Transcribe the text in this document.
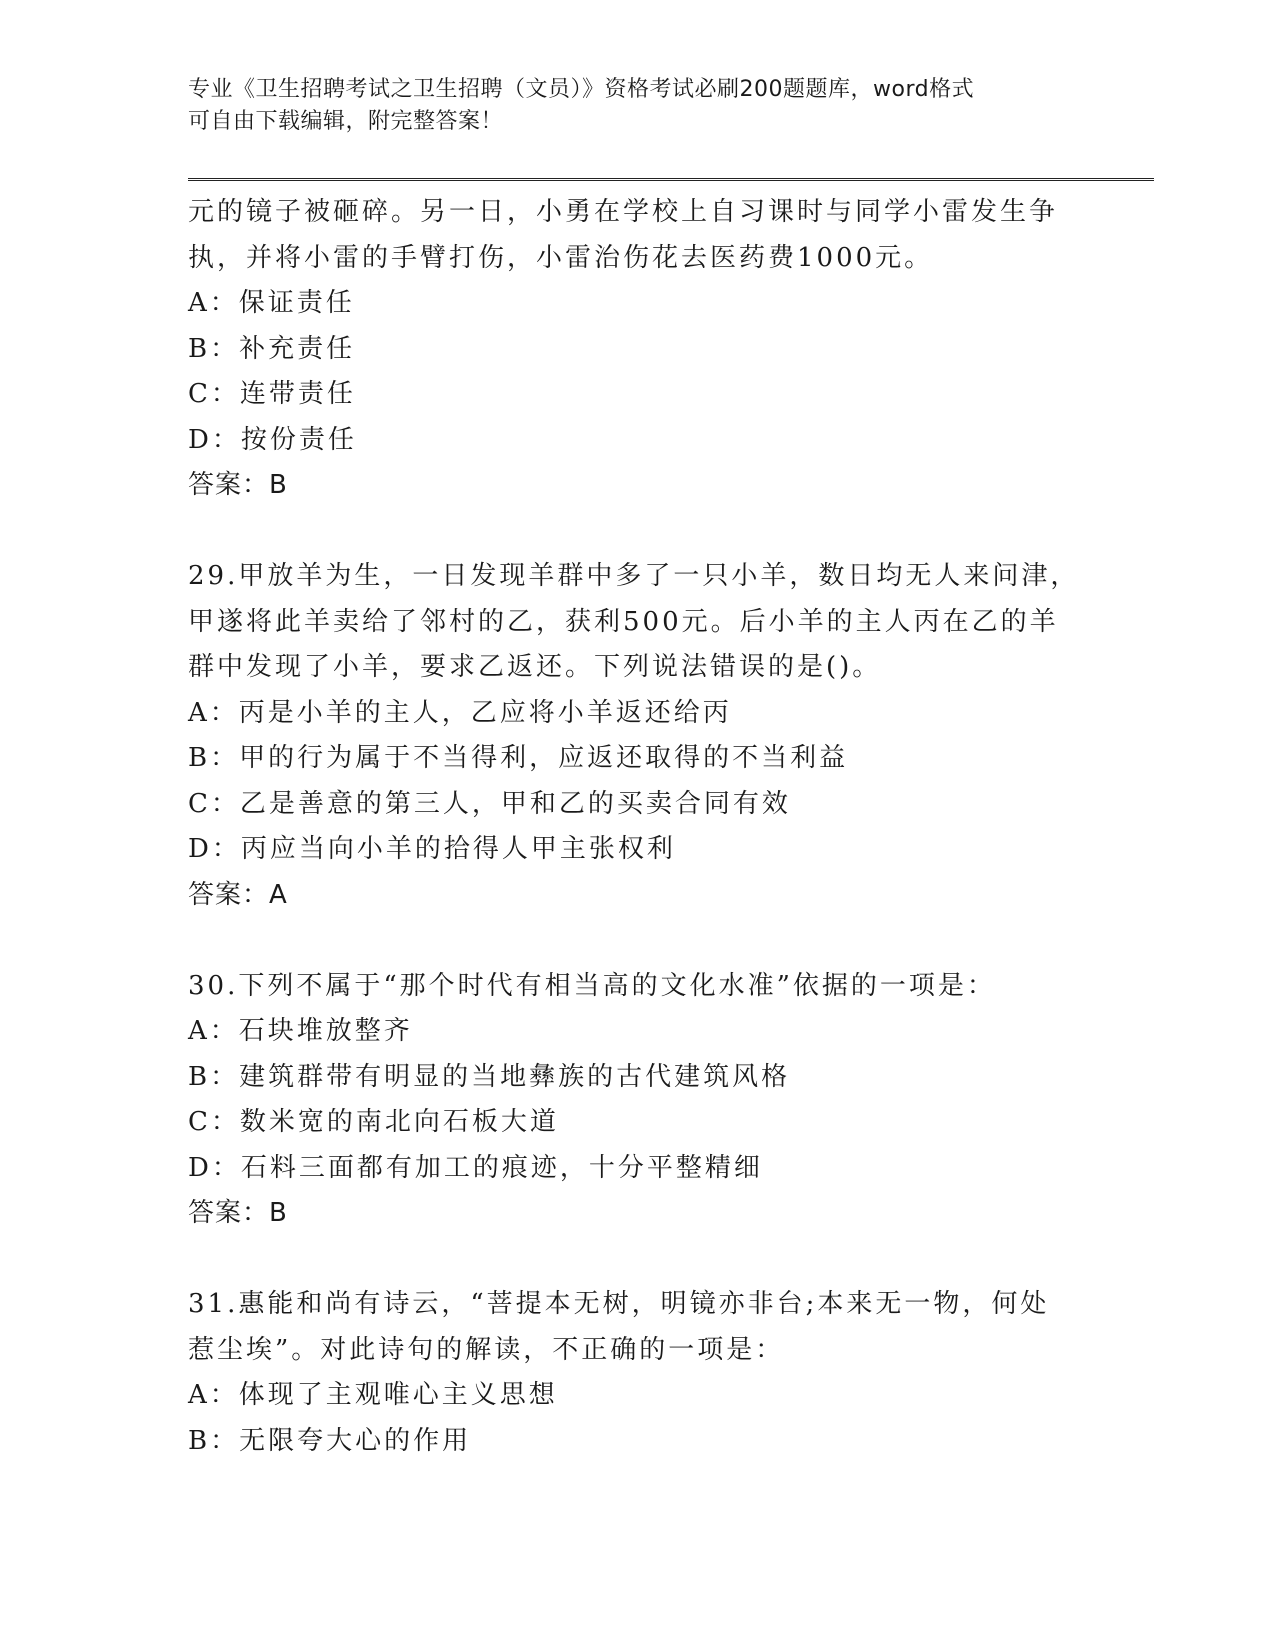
专业《卫生招聘考试之卫生招聘（文员）》资格考试必刷200题题库，word格式
可自由下载编辑，附完整答案！
元的镜子被砸碎。另一日，小勇在学校上自习课时与同学小雷发生争
执，并将小雷的手臂打伤，小雷治伤花去医药费1000元。
A：保证责任
B：补充责任
C：连带责任
D：按份责任
答案：B
29.甲放羊为生，一日发现羊群中多了一只小羊，数日均无人来问津，
甲遂将此羊卖给了邻村的乙，获利500元。后小羊的主人丙在乙的羊
群中发现了小羊，要求乙返还。下列说法错误的是()。
A：丙是小羊的主人，乙应将小羊返还给丙
B：甲的行为属于不当得利，应返还取得的不当利益
C：乙是善意的第三人，甲和乙的买卖合同有效
D：丙应当向小羊的拾得人甲主张权利
答案：A
30.下列不属于“那个时代有相当高的文化水准”依据的一项是：
A：石块堆放整齐
B：建筑群带有明显的当地彝族的古代建筑风格
C：数米宽的南北向石板大道
D：石料三面都有加工的痕迹，十分平整精细
答案：B
31.惠能和尚有诗云，“菩提本无树，明镜亦非台;本来无一物，何处
惹尘埃”。对此诗句的解读，不正确的一项是：
A：体现了主观唯心主义思想
B：无限夸大心的作用
